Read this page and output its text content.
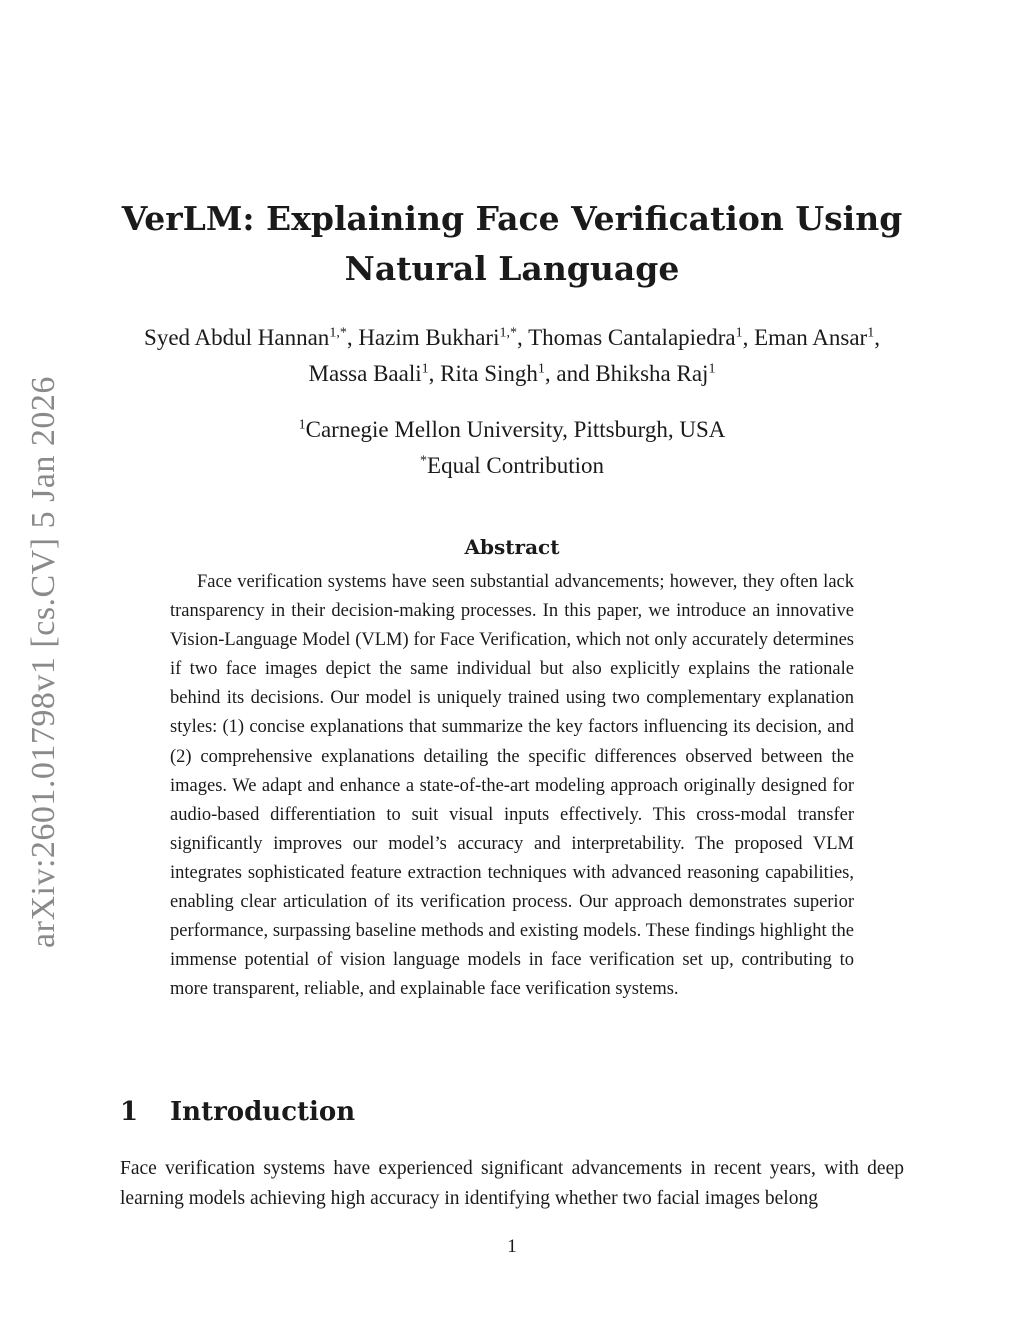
arXiv:2601.01798v1 [cs.CV] 5 Jan 2026
VerLM: Explaining Face Verification Using
Natural Language
Syed Abdul Hannan$^{1,*}$, Hazim Bukhari$^{1,*}$, Thomas Cantalapiedra$^1$, Eman Ansar$^1$, Massa Baali$^1$, Rita Singh$^1$, and Bhiksha Raj$^1$
$^1$Carnegie Mellon University, Pittsburgh, USA
*Equal Contribution
Abstract

Face verification systems have seen substantial advancements; however, they often lack transparency in their decision-making processes. In this paper, we introduce an innovative Vision-Language Model (VLM) for Face Verification, which not only accurately determines if two face images depict the same individual but also explicitly explains the rationale behind its decisions. Our model is uniquely trained using two complementary explanation styles: (1) concise explanations that summarize the key factors influencing its decision, and (2) comprehensive explanations detailing the specific differences observed between the images. We adapt and enhance a state-of-the-art modeling approach originally designed for audio-based differentiation to suit visual inputs effectively. This cross-modal transfer significantly improves our model’s accuracy and interpretability. The proposed VLM integrates sophisticated feature extraction techniques with advanced reasoning capabilities, enabling clear articulation of its verification process. Our approach demonstrates superior performance, surpassing baseline methods and existing models. These findings highlight the immense potential of vision language models in face verification set up, contributing to more transparent, reliable, and explainable face verification systems.

1 Introduction

Face verification systems have experienced significant advancements in recent years, with deep learning models achieving high accuracy in identifying whether two facial images belong

1
